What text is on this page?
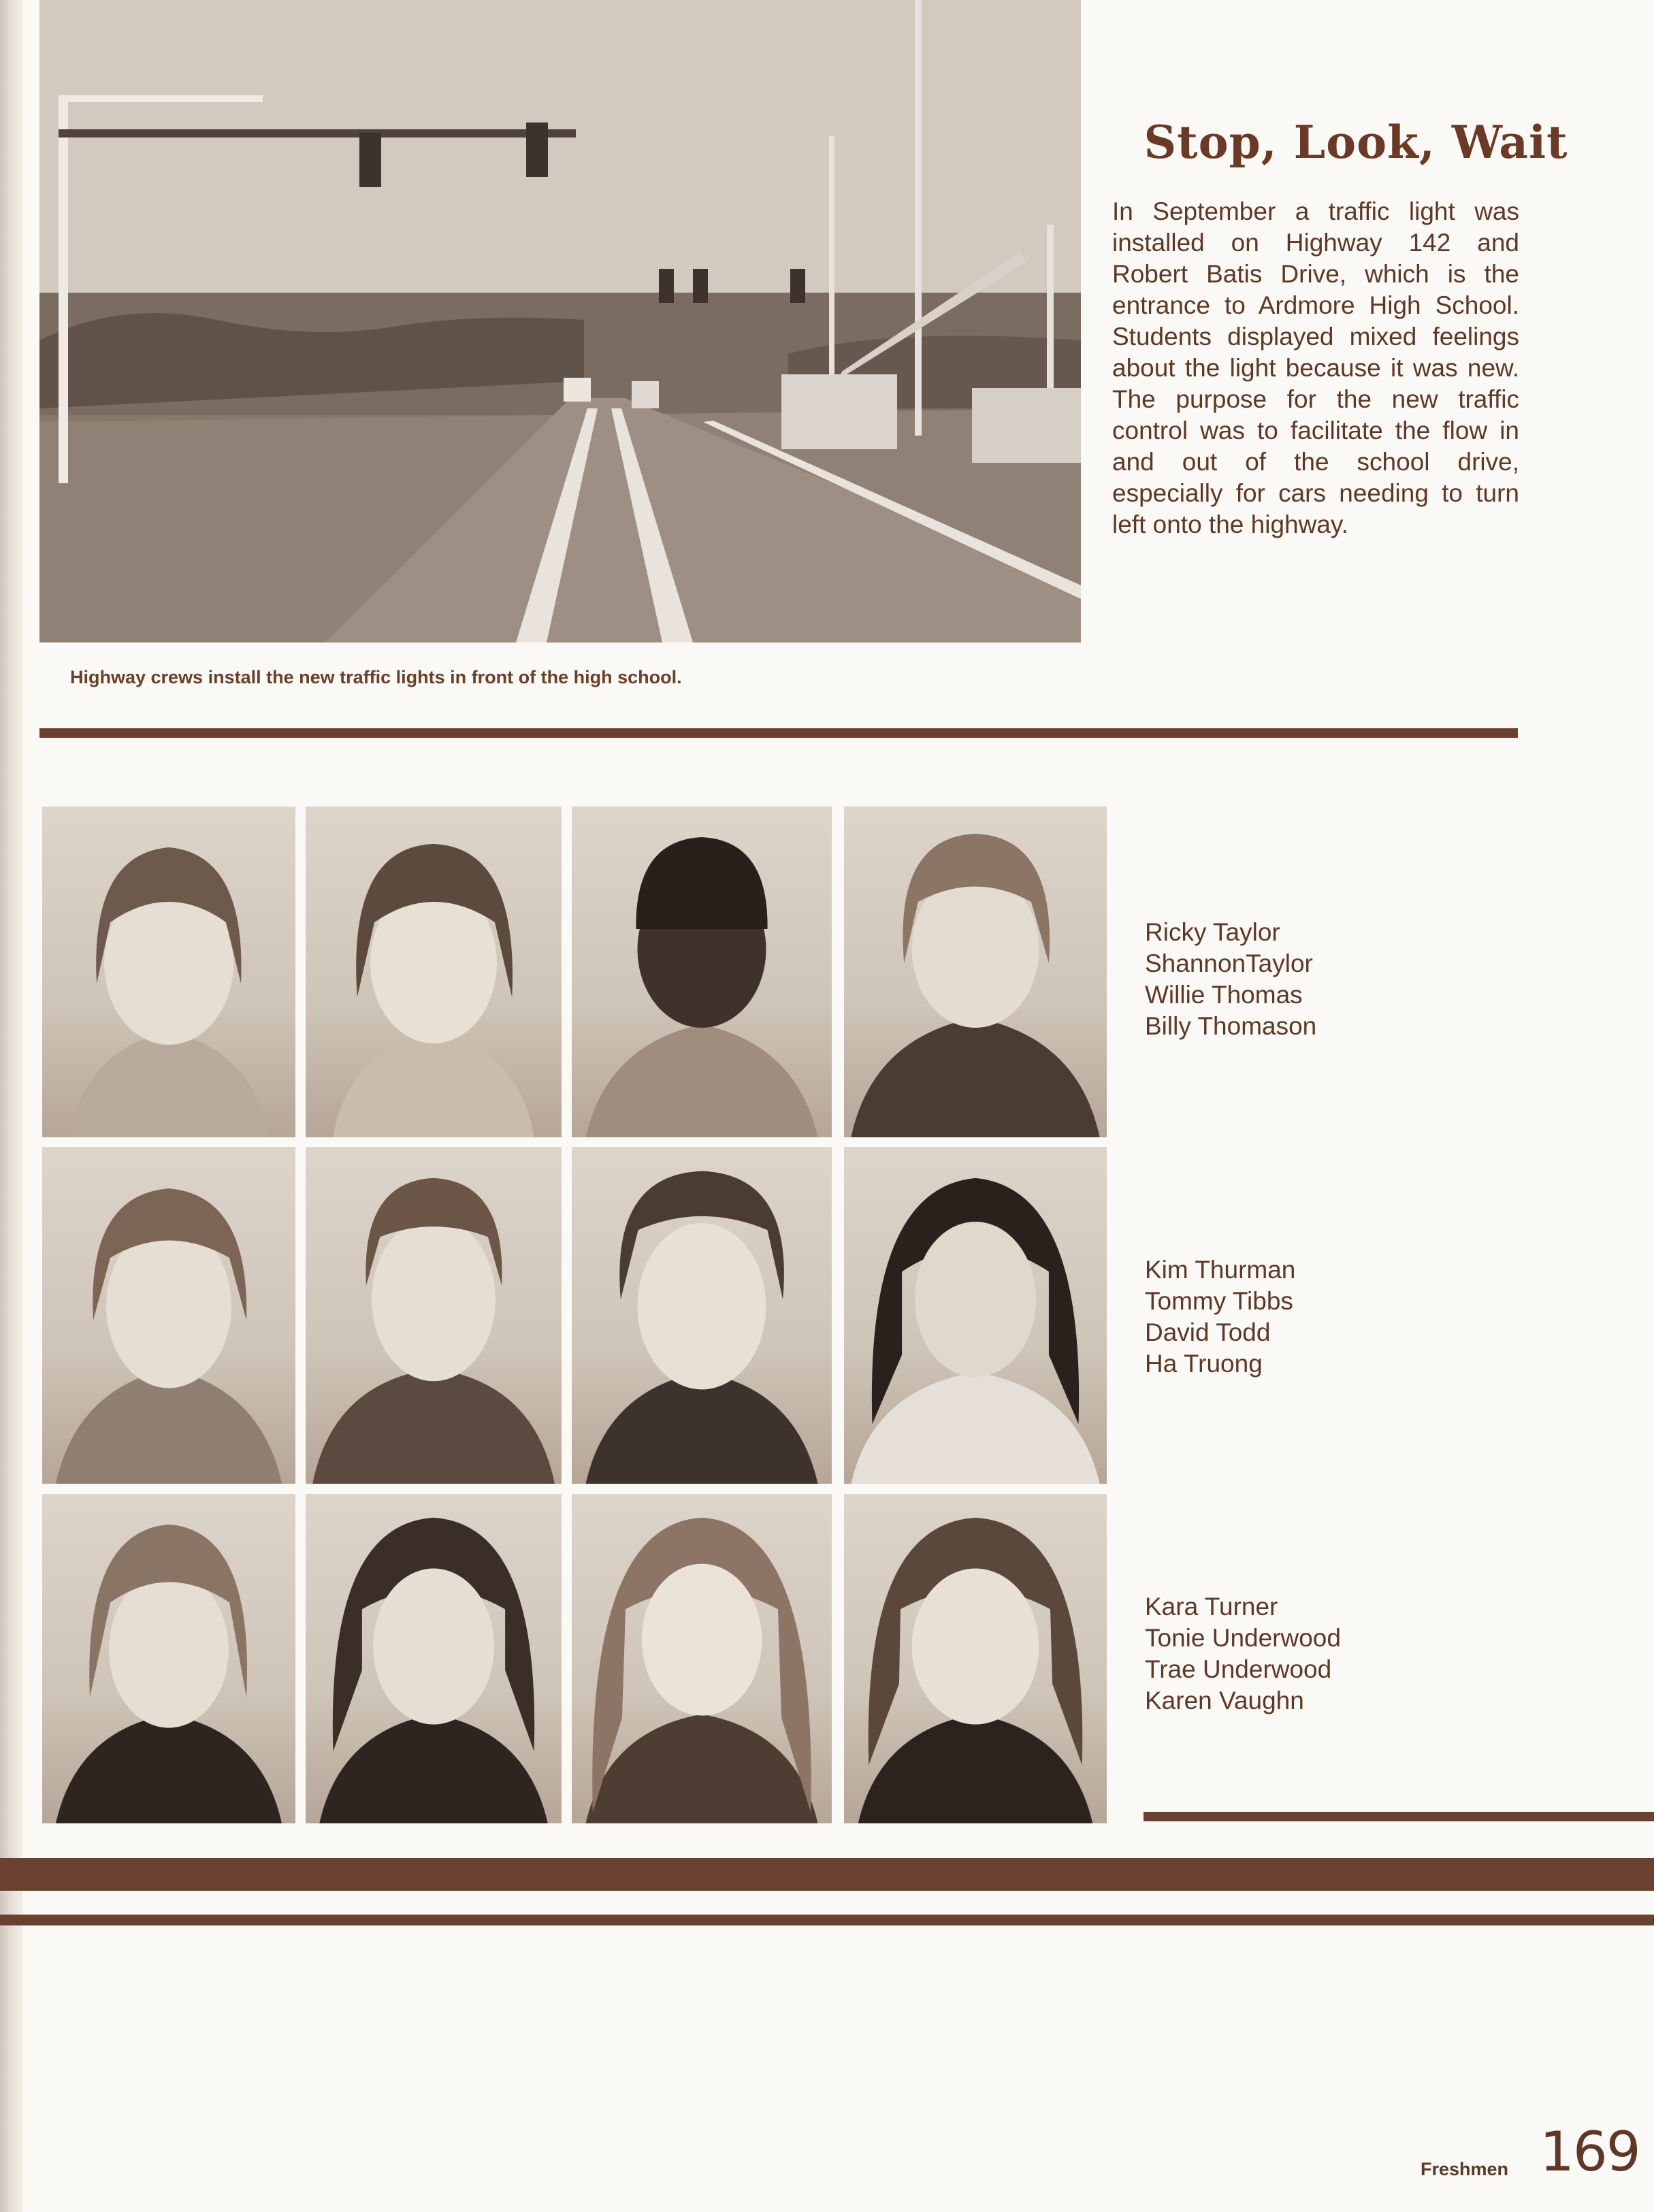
Highway crews install the new traffic lights in front of the high school.
Stop, Look, Wait

In September a traffic light was installed on Highway 142 and Robert Batis Drive, which is the entrance to Ardmore High School. Students displayed mixed feelings about the light because it was new. The purpose for the new traffic control was to facilitate the flow in and out of the school drive, especially for cars needing to turn left onto the highway.

Ricky Taylor
ShannonTaylor
Willie Thomas
Billy Thomason
Kim Thurman
Tommy Tibbs
David Todd
Ha Truong
Kara Turner
Tonie Underwood
Trae Underwood
Karen Vaughn
Freshmen 169
